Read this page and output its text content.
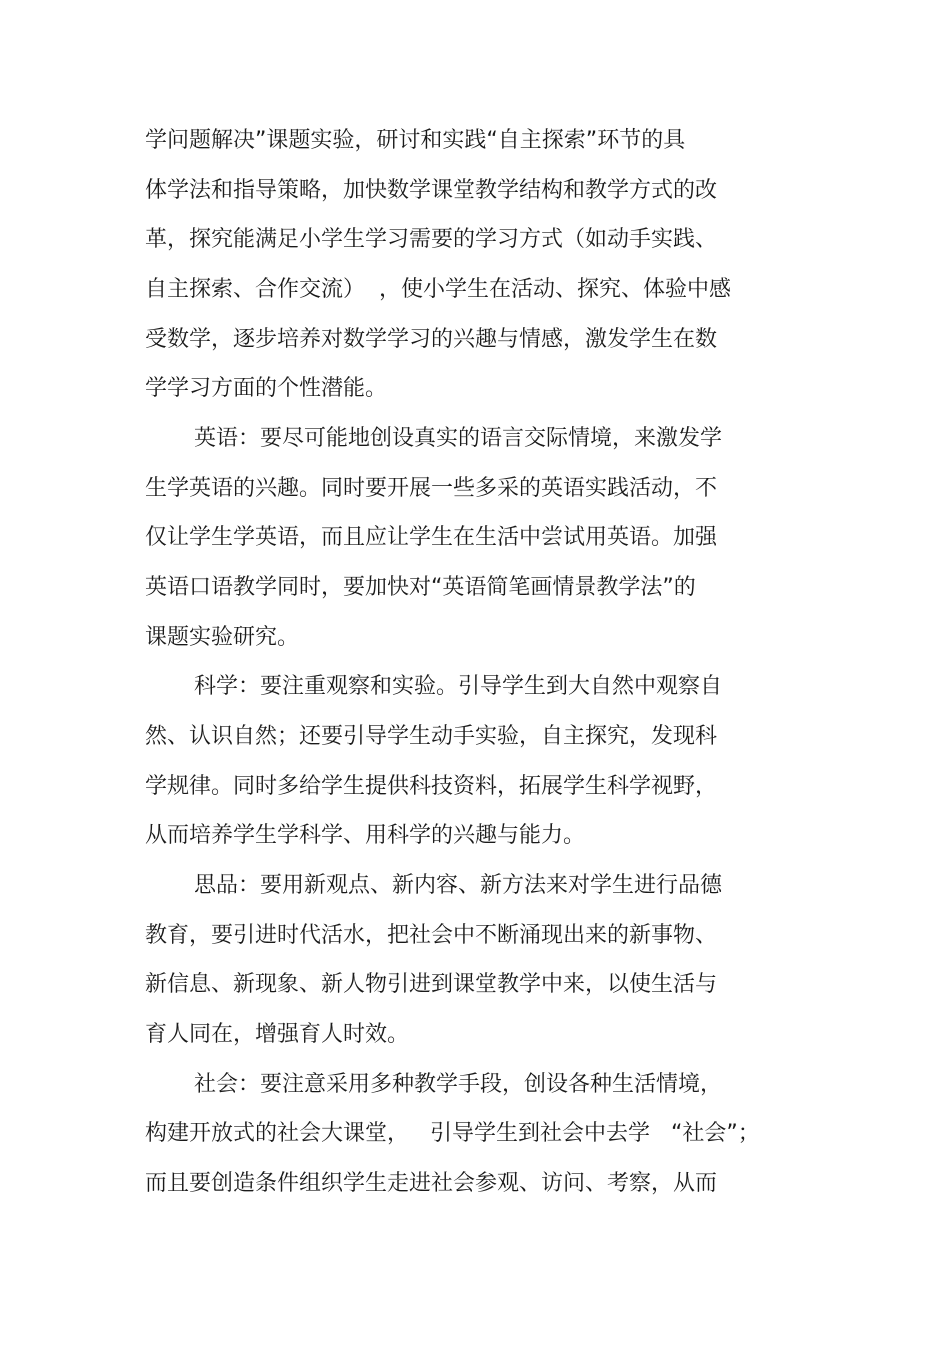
学问题解决”课题实验，研讨和实践“自主探索”环节的具
体学法和指导策略，加快数学课堂教学结构和教学方式的改
革，探究能满足小学生学习需要的学习方式（如动手实践、
自主探索、合作交流）  ，使小学生在活动、探究、体验中感
受数学，逐步培养对数学学习的兴趣与情感，激发学生在数
学学习方面的个性潜能。
英语：要尽可能地创设真实的语言交际情境，来激发学
生学英语的兴趣。同时要开展一些多采的英语实践活动，不
仅让学生学英语，而且应让学生在生活中尝试用英语。加强
英语口语教学同时，要加快对“英语简笔画情景教学法”的
课题实验研究。
科学：要注重观察和实验。引导学生到大自然中观察自
然、认识自然；还要引导学生动手实验，自主探究，发现科
学规律。同时多给学生提供科技资料，拓展学生科学视野，
从而培养学生学科学、用科学的兴趣与能力。
思品：要用新观点、新内容、新方法来对学生进行品德
教育，要引进时代活水，把社会中不断涌现出来的新事物、
新信息、新现象、新人物引进到课堂教学中来，以使生活与
育人同在，增强育人时效。
社会：要注意采用多种教学手段，创设各种生活情境，
构建开放式的社会大课堂，   引导学生到社会中去学   “社会”；
而且要创造条件组织学生走进社会参观、访问、考察，从而
